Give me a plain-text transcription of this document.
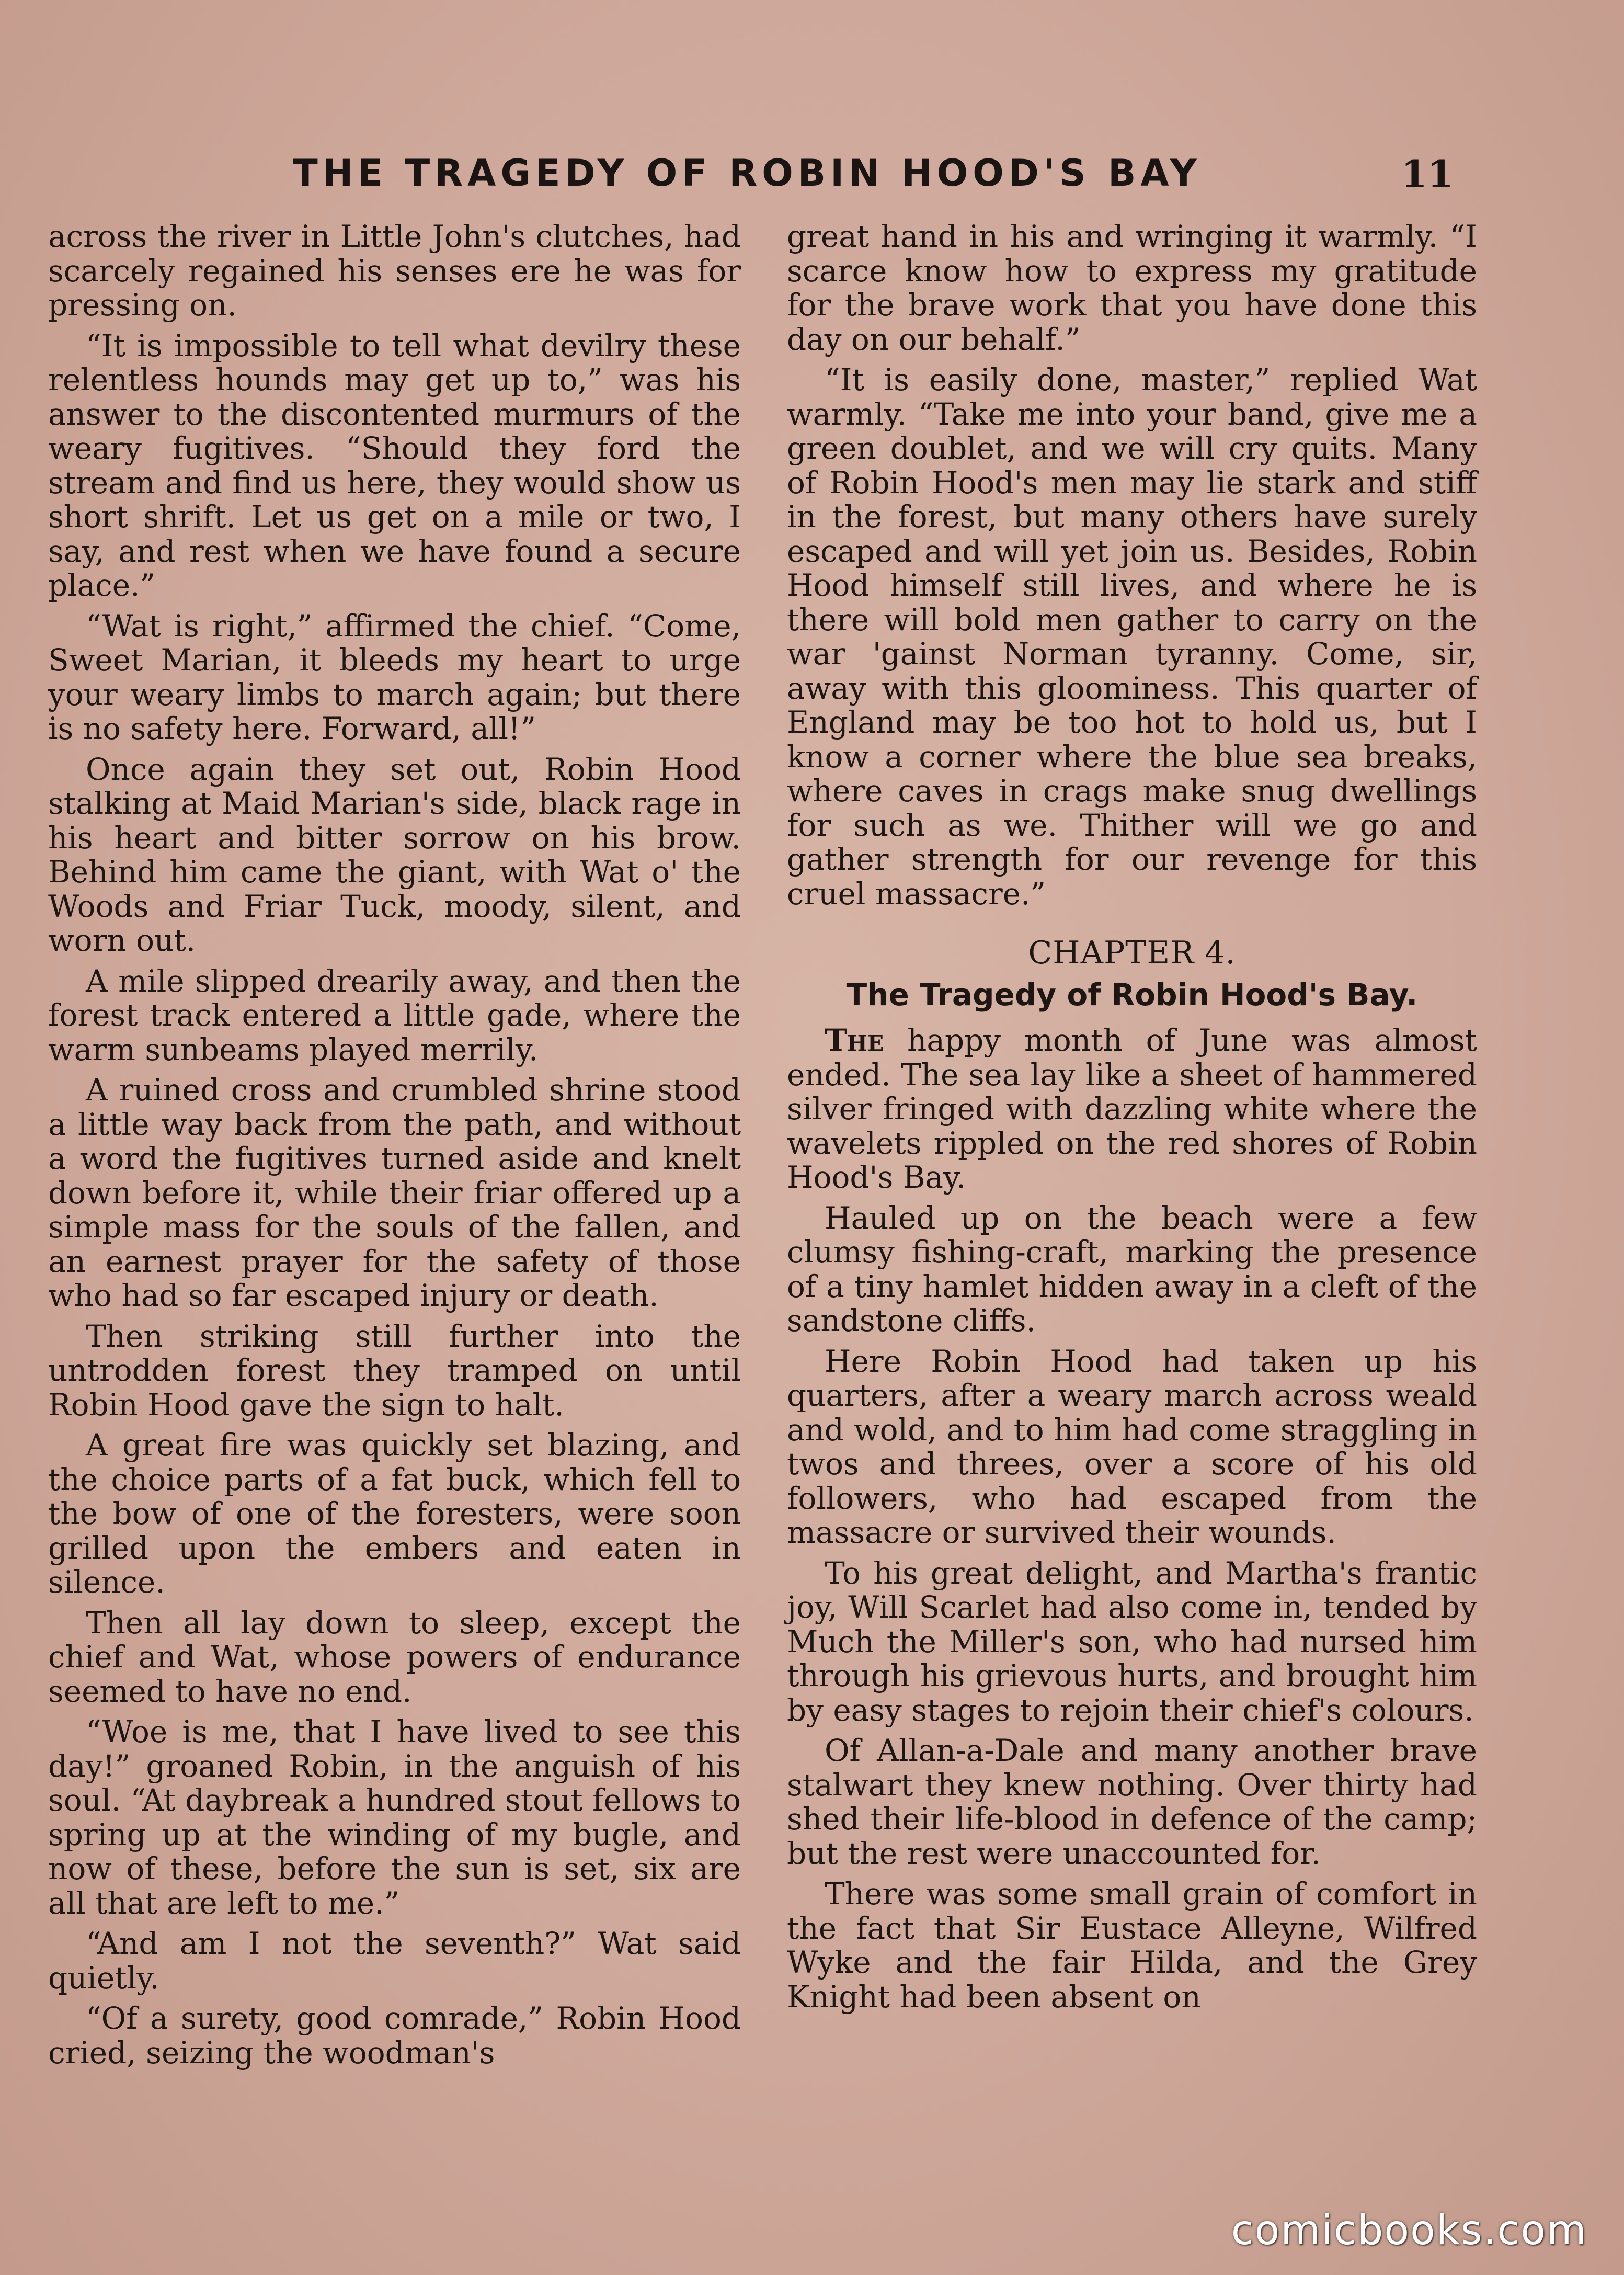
THE TRAGEDY OF ROBIN HOOD'S BAY	11

across the river in Little John's clutches, had scarcely regained his senses ere he was for pressing on.

“It is impossible to tell what devilry these relentless hounds may get up to,” was his answer to the discontented murmurs of the weary fugitives. “Should they ford the stream and find us here, they would show us short shrift. Let us get on a mile or two, I say, and rest when we have found a secure place.”

“Wat is right,” affirmed the chief. “Come, Sweet Marian, it bleeds my heart to urge your weary limbs to march again; but there is no safety here. Forward, all!”

Once again they set out, Robin Hood stalking at Maid Marian's side, black rage in his heart and bitter sorrow on his brow. Behind him came the giant, with Wat o' the Woods and Friar Tuck, moody, silent, and worn out.

A mile slipped drearily away, and then the forest track entered a little gade, where the warm sunbeams played merrily.

A ruined cross and crumbled shrine stood a little way back from the path, and without a word the fugitives turned aside and knelt down before it, while their friar offered up a simple mass for the souls of the fallen, and an earnest prayer for the safety of those who had so far escaped injury or death.

Then striking still further into the untrodden forest they tramped on until Robin Hood gave the sign to halt.

A great fire was quickly set blazing, and the choice parts of a fat buck, which fell to the bow of one of the foresters, were soon grilled upon the embers and eaten in silence.

Then all lay down to sleep, except the chief and Wat, whose powers of endurance seemed to have no end.

“Woe is me, that I have lived to see this day!” groaned Robin, in the anguish of his soul. “At daybreak a hundred stout fellows to spring up at the winding of my bugle, and now of these, before the sun is set, six are all that are left to me.”

“And am I not the seventh?” Wat said quietly.

“Of a surety, good comrade,” Robin Hood cried, seizing the woodman's

great hand in his and wringing it warmly. “I scarce know how to express my gratitude for the brave work that you have done this day on our behalf.”

“It is easily done, master,” replied Wat warmly. “Take me into your band, give me a green doublet, and we will cry quits. Many of Robin Hood's men may lie stark and stiff in the forest, but many others have surely escaped and will yet join us. Besides, Robin Hood himself still lives, and where he is there will bold men gather to carry on the war 'gainst Norman tyranny. Come, sir, away with this gloominess. This quarter of England may be too hot to hold us, but I know a corner where the blue sea breaks, where caves in crags make snug dwellings for such as we. Thither will we go and gather strength for our revenge for this cruel massacre.”

CHAPTER 4.
The Tragedy of Robin Hood's Bay.

The happy month of June was almost ended. The sea lay like a sheet of hammered silver fringed with dazzling white where the wavelets rippled on the red shores of Robin Hood's Bay.

Hauled up on the beach were a few clumsy fishing-craft, marking the presence of a tiny hamlet hidden away in a cleft of the sandstone cliffs.

Here Robin Hood had taken up his quarters, after a weary march across weald and wold, and to him had come straggling in twos and threes, over a score of his old followers, who had escaped from the massacre or survived their wounds.

To his great delight, and Martha's frantic joy, Will Scarlet had also come in, tended by Much the Miller's son, who had nursed him through his grievous hurts, and brought him by easy stages to rejoin their chief's colours.

Of Allan-a-Dale and many another brave stalwart they knew nothing. Over thirty had shed their life-blood in defence of the camp; but the rest were unaccounted for.

There was some small grain of comfort in the fact that Sir Eustace Alleyne, Wilfred Wyke and the fair Hilda, and the Grey Knight had been absent on

comicbooks.com
